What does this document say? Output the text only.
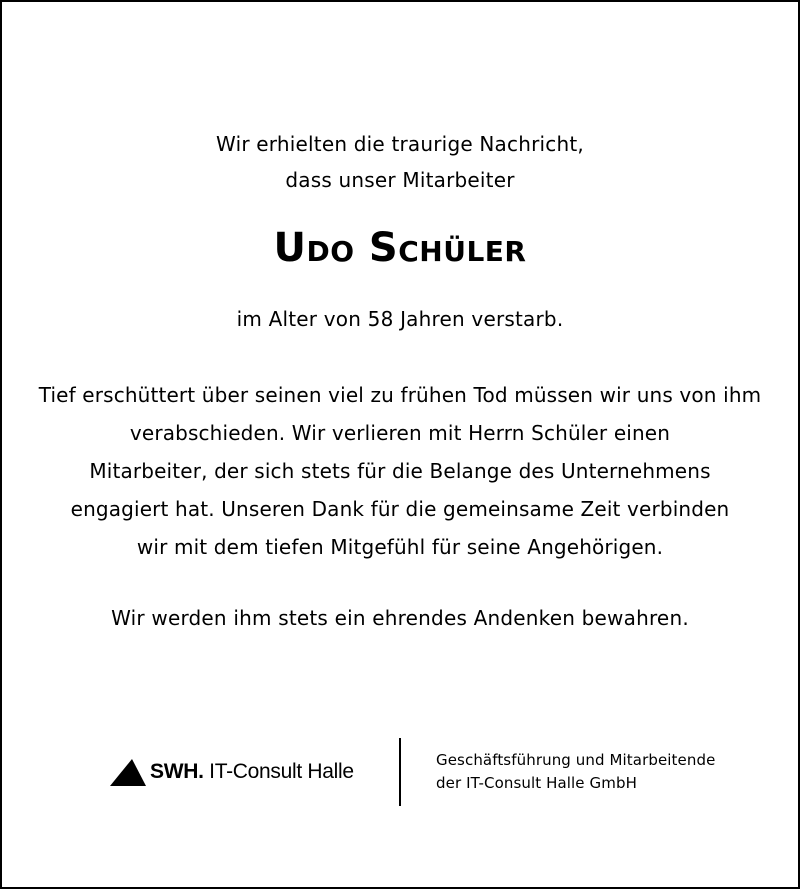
Wir erhielten die traurige Nachricht,
dass unser Mitarbeiter
Udo Schüler
im Alter von 58 Jahren verstarb.
Tief erschüttert über seinen viel zu frühen Tod müssen wir uns von ihm
verabschieden. Wir verlieren mit Herrn Schüler einen
Mitarbeiter, der sich stets für die Belange des Unternehmens
engagiert hat. Unseren Dank für die gemeinsame Zeit verbinden
wir mit dem tiefen Mitgefühl für seine Angehörigen.
Wir werden ihm stets ein ehrendes Andenken bewahren.
SWH. IT-Consult Halle	Geschäftsführung und Mitarbeitende
der IT-Consult Halle GmbH
